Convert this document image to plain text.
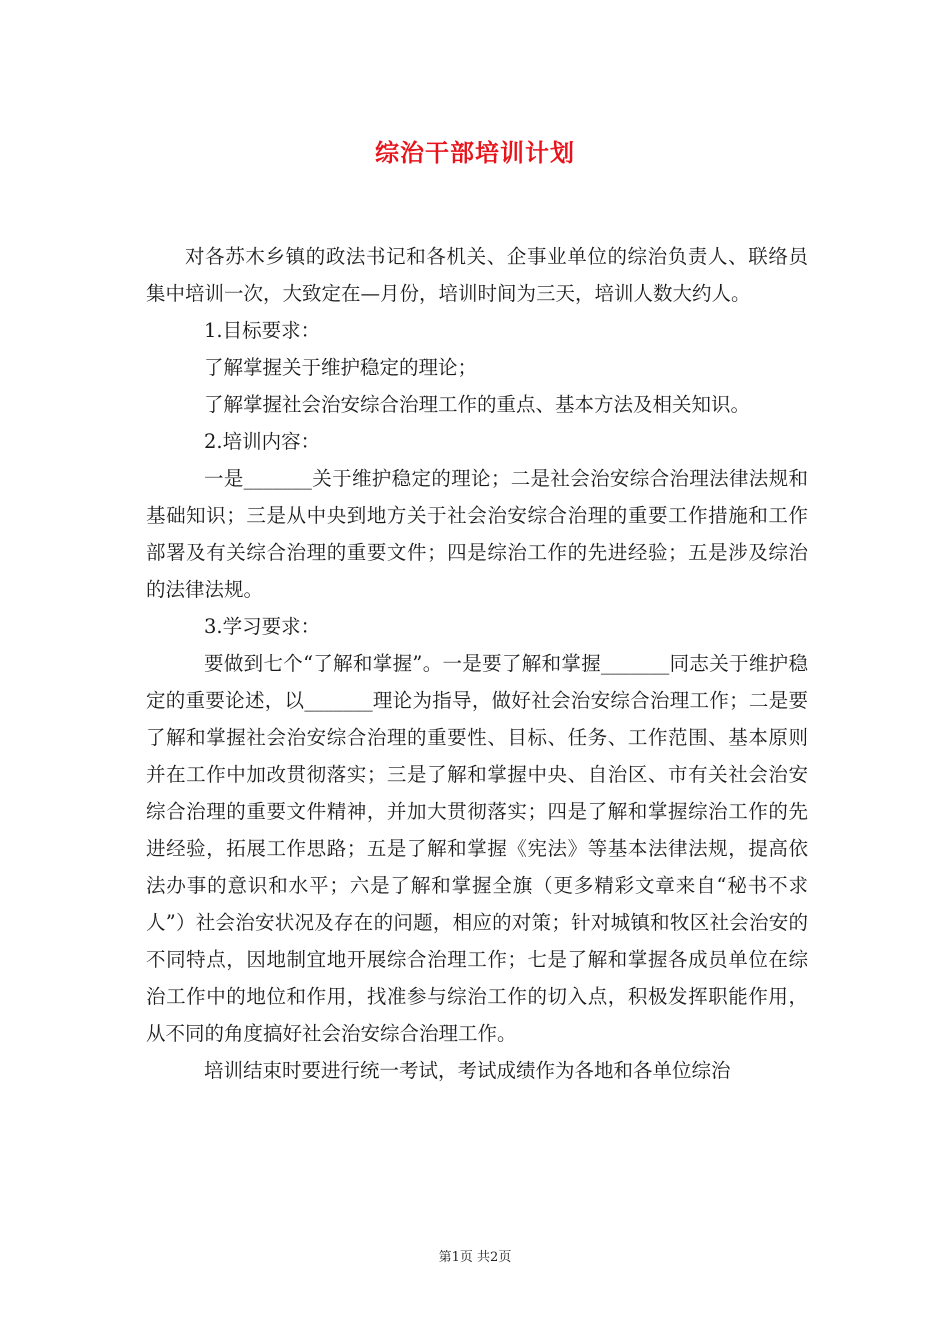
综治干部培训计划

对各苏木乡镇的政法书记和各机关、企事业单位的综治负责人、联络员集中培训一次，大致定在—月份，培训时间为三天，培训人数大约人。

1.目标要求：

了解掌握关于维护稳定的理论；

了解掌握社会治安综合治理工作的重点、基本方法及相关知识。

2.培训内容：

一是_______关于维护稳定的理论；二是社会治安综合治理法律法规和基础知识；三是从中央到地方关于社会治安综合治理的重要工作措施和工作部署及有关综合治理的重要文件；四是综治工作的先进经验；五是涉及综治的法律法规。

3.学习要求：

要做到七个“了解和掌握”。一是要了解和掌握_______同志关于维护稳定的重要论述，以_______理论为指导，做好社会治安综合治理工作；二是要了解和掌握社会治安综合治理的重要性、目标、任务、工作范围、基本原则并在工作中加改贯彻落实；三是了解和掌握中央、自治区、市有关社会治安综合治理的重要文件精神，并加大贯彻落实；四是了解和掌握综治工作的先进经验，拓展工作思路；五是了解和掌握《宪法》等基本法律法规，提高依法办事的意识和水平；六是了解和掌握全旗（更多精彩文章来自“秘书不求人”）社会治安状况及存在的问题，相应的对策；针对城镇和牧区社会治安的不同特点，因地制宜地开展综合治理工作；七是了解和掌握各成员单位在综治工作中的地位和作用，找准参与综治工作的切入点，积极发挥职能作用，从不同的角度搞好社会治安综合治理工作。

培训结束时要进行统一考试，考试成绩作为各地和各单位综治

第1页 共2页
